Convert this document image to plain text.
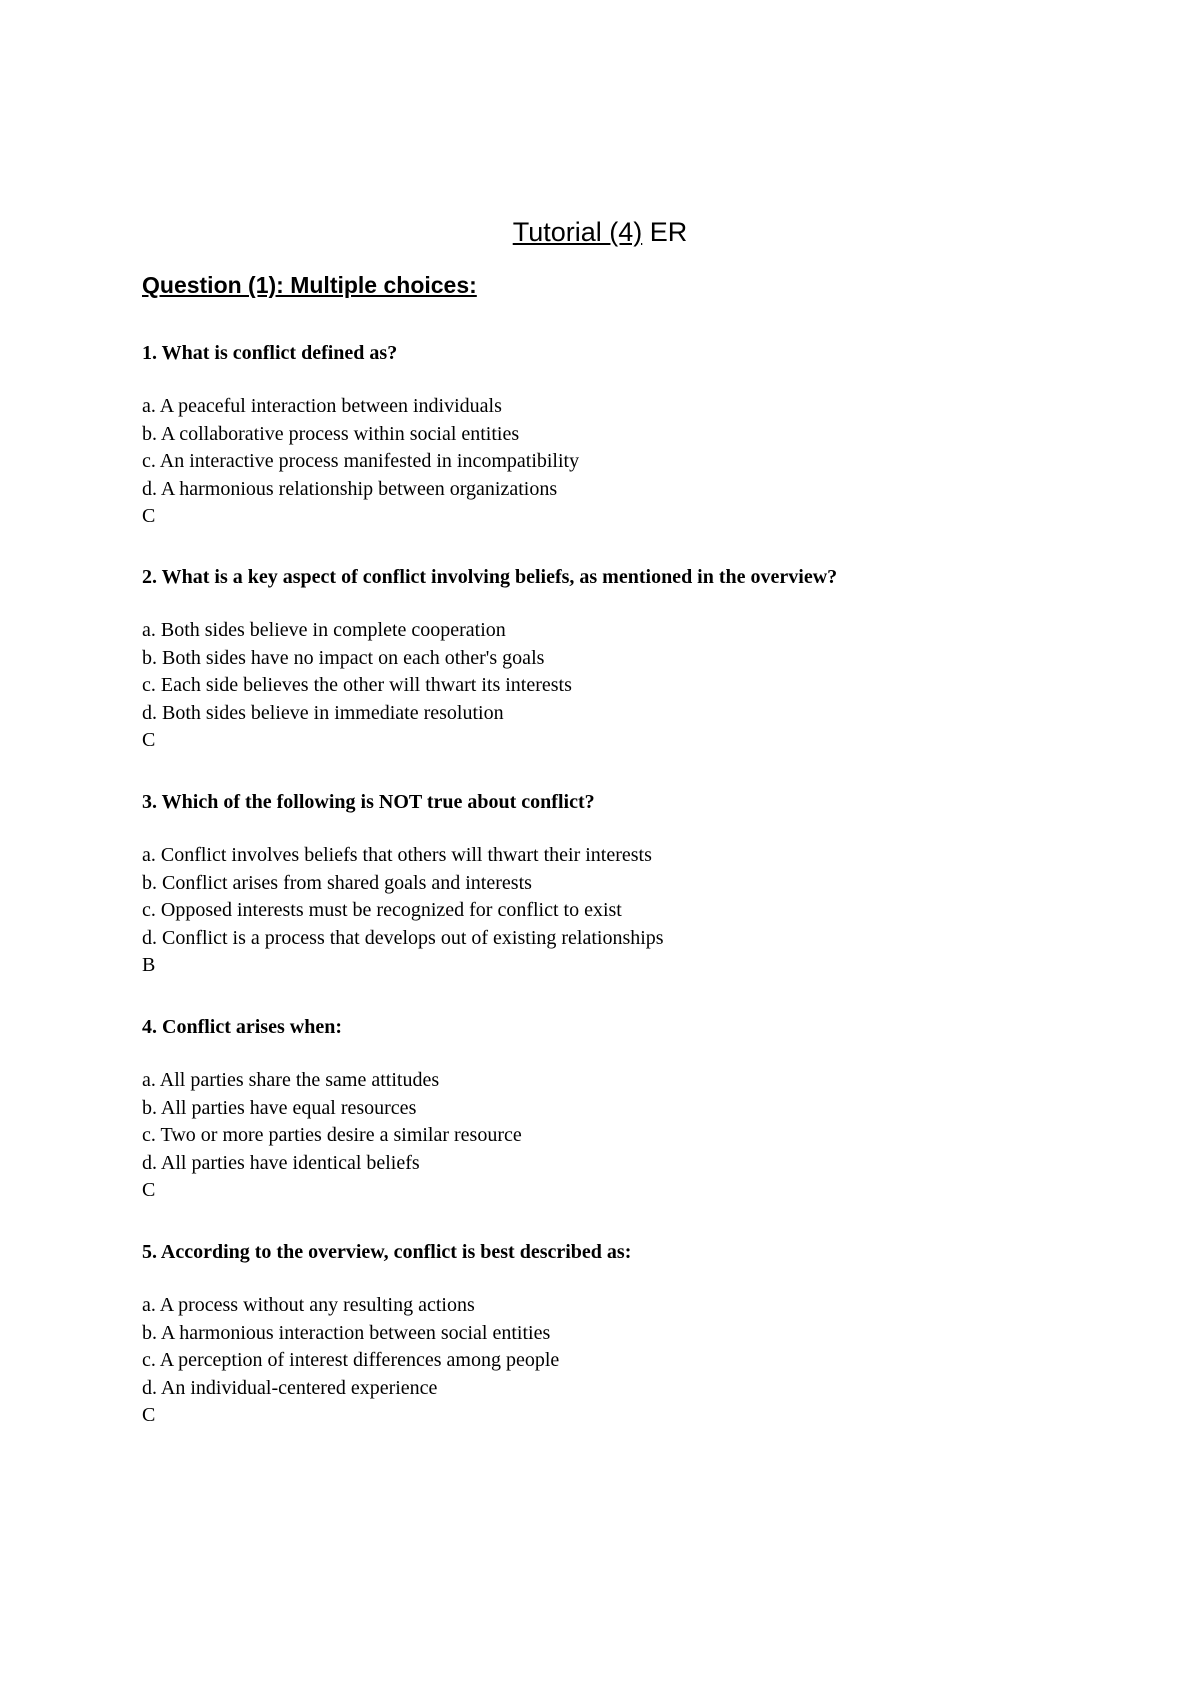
Tutorial (4) ER
Question (1): Multiple choices:
1. What is conflict defined as?
a. A peaceful interaction between individuals
b. A collaborative process within social entities
c. An interactive process manifested in incompatibility
d. A harmonious relationship between organizations
C
2. What is a key aspect of conflict involving beliefs, as mentioned in the overview?
a. Both sides believe in complete cooperation
b. Both sides have no impact on each other's goals
c. Each side believes the other will thwart its interests
d. Both sides believe in immediate resolution
C
3. Which of the following is NOT true about conflict?
a. Conflict involves beliefs that others will thwart their interests
b. Conflict arises from shared goals and interests
c. Opposed interests must be recognized for conflict to exist
d. Conflict is a process that develops out of existing relationships
B
4. Conflict arises when:
a. All parties share the same attitudes
b. All parties have equal resources
c. Two or more parties desire a similar resource
d. All parties have identical beliefs
C
5. According to the overview, conflict is best described as:
a. A process without any resulting actions
b. A harmonious interaction between social entities
c. A perception of interest differences among people
d. An individual-centered experience
C
